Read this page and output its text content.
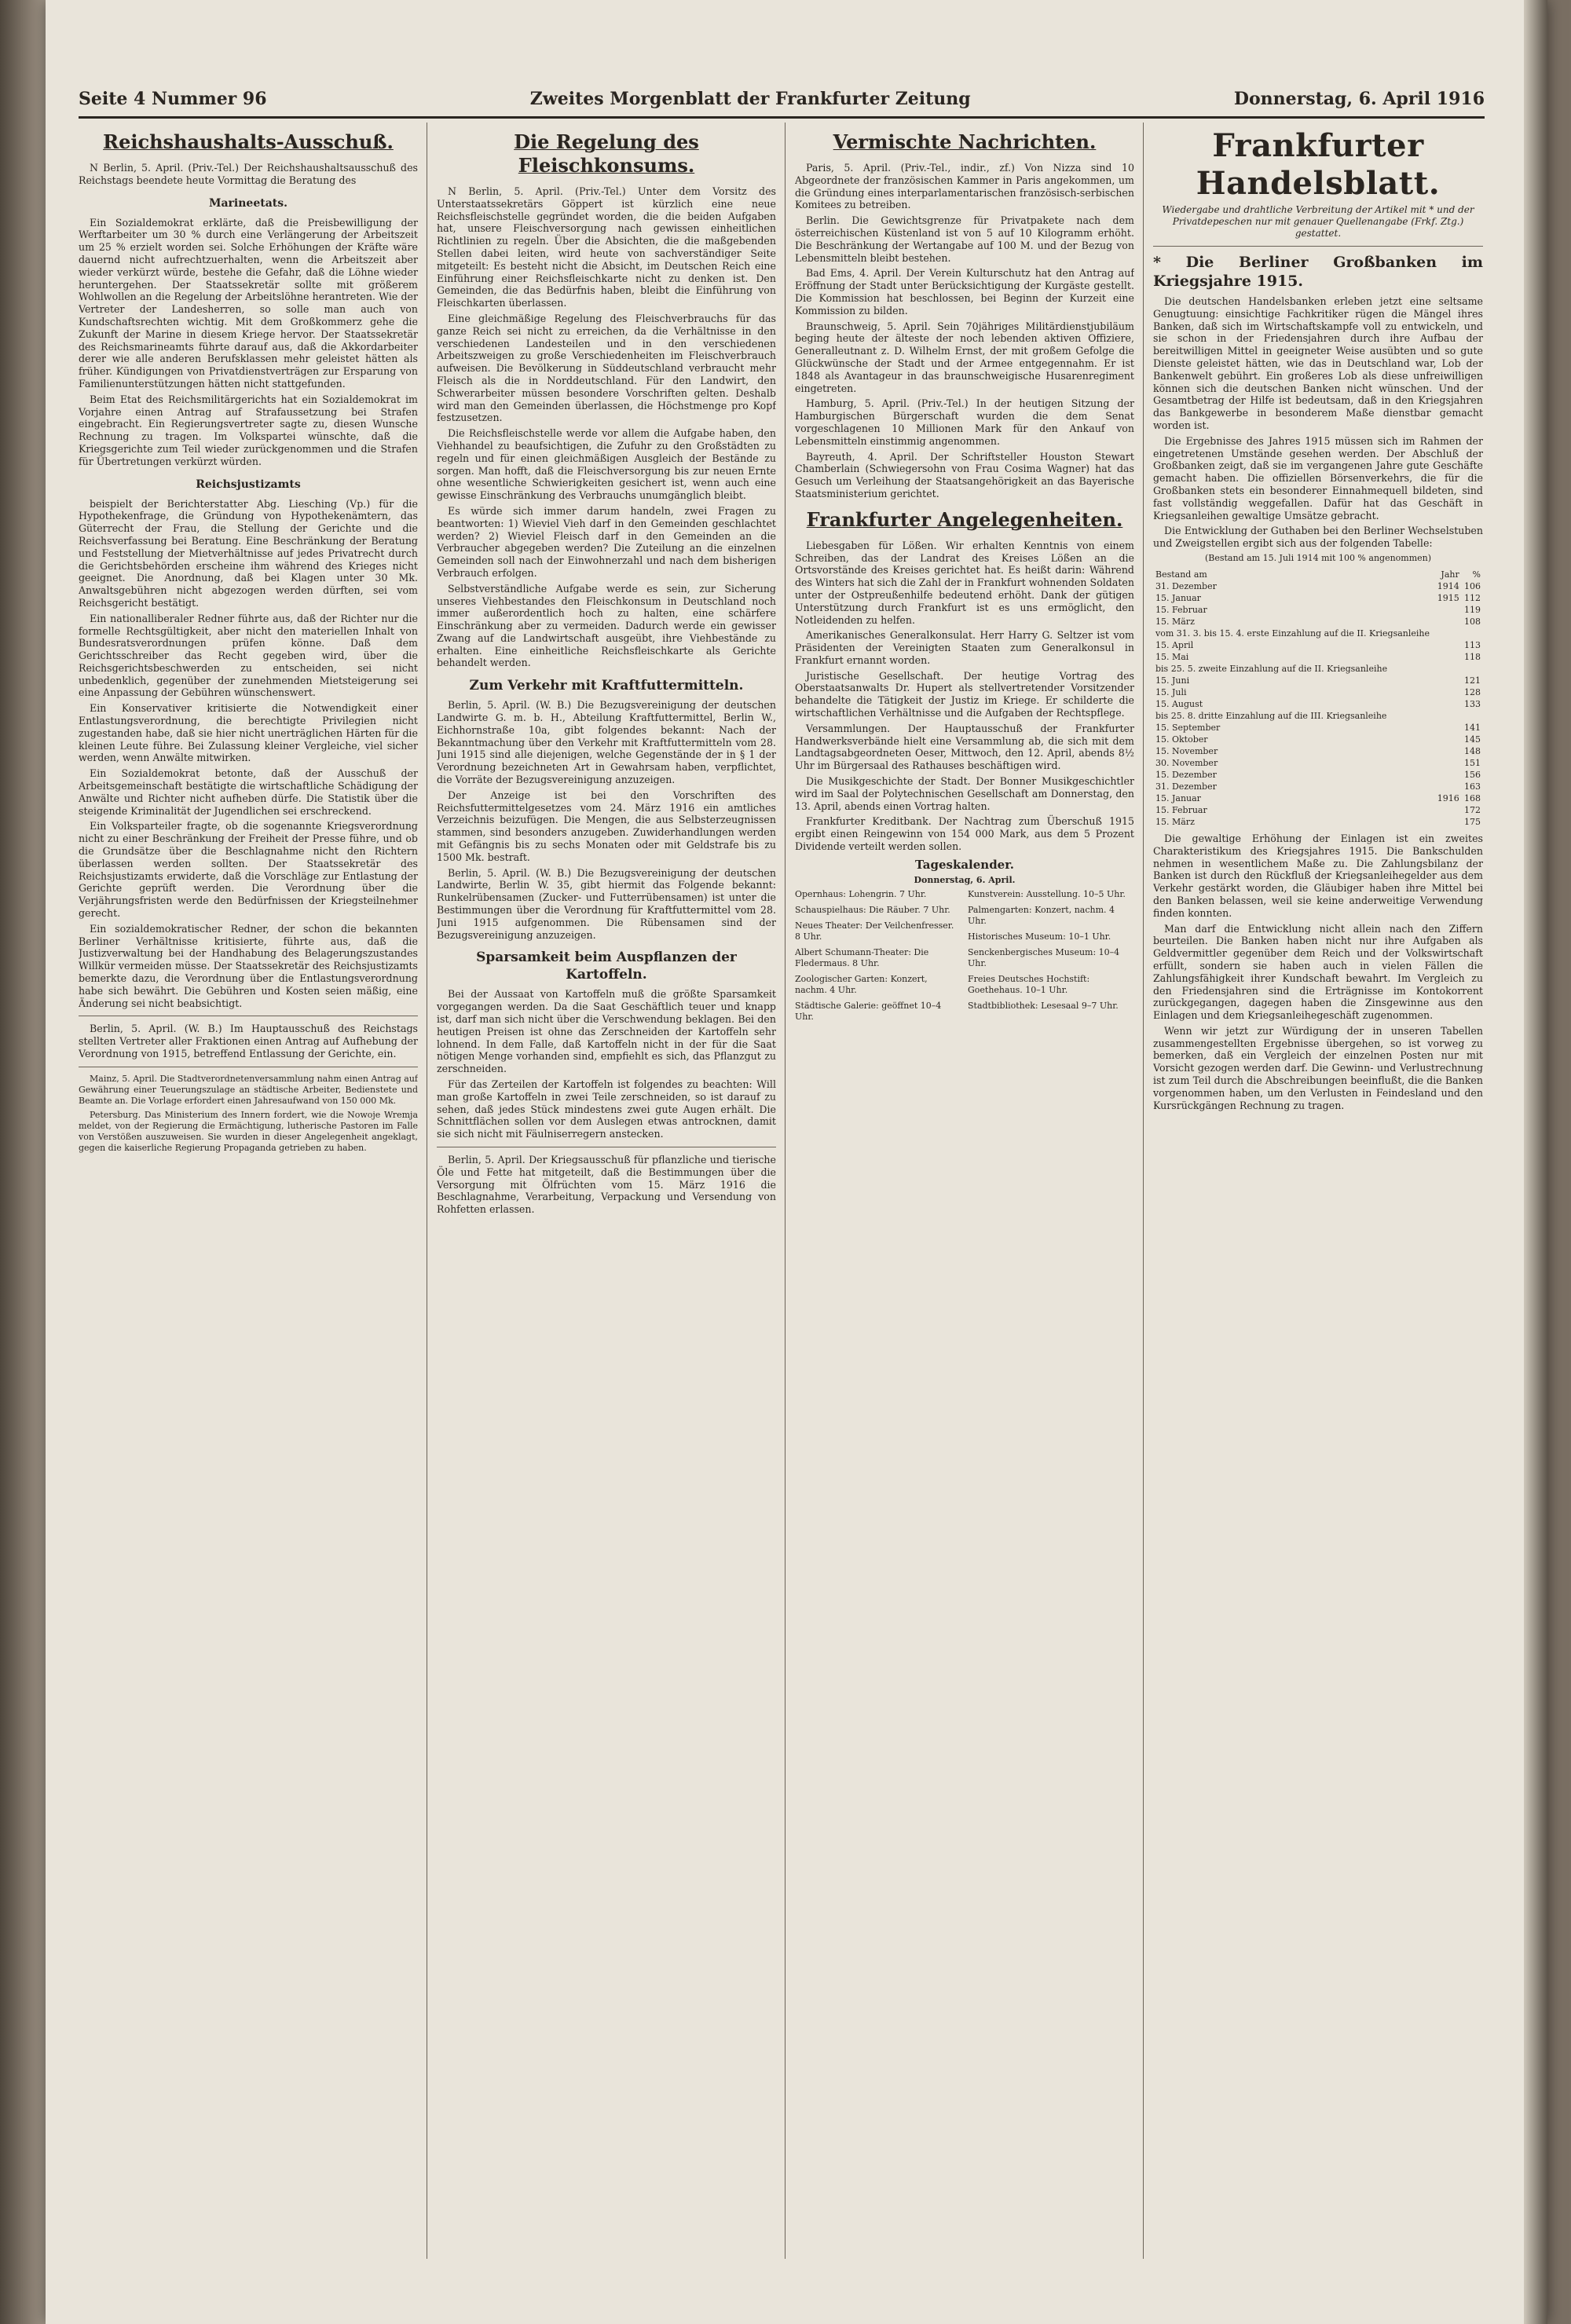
Seite 4 Nummer 96	Zweites Morgenblatt der Frankfurter Zeitung	Donnerstag, 6. April 1916
Reichshaushalts-Ausschuß.

N Berlin, 5. April. (Priv.-Tel.) Der Reichshaushaltsausschuß des Reichstags beendete heute Vormittag die Beratung des

Marineetats.

Ein Sozialdemokrat erklärte, daß die Preisbewilligung der Werftarbeiter um 30 % durch eine Verlängerung der Arbeitszeit um 25 % erzielt worden sei. Solche Erhöhungen der Kräfte wäre dauernd nicht aufrechtzuerhalten, wenn die Arbeitszeit aber wieder verkürzt würde, bestehe die Gefahr, daß die Löhne wieder heruntergehen. Der Staatssekretär sollte mit größerem Wohlwollen an die Regelung der Arbeitslöhne herantreten. Wie der Vertreter der Landesherren, so solle man auch von Kundschaftsrechten wichtig. Mit dem Großkommerz gehe die Zukunft der Marine in diesem Kriege hervor. Der Staatssekretär des Reichsmarineamts führte darauf aus, daß die Akkordarbeiter derer wie alle anderen Berufsklassen mehr geleistet hätten als früher. Kündigungen von Privatdienstverträgen zur Ersparung von Familienunterstützungen hätten nicht stattgefunden.

Beim Etat des Reichsmilitärgerichts hat ein Sozialdemokrat im Vorjahre einen Antrag auf Strafaussetzung bei Strafen eingebracht. Ein Regierungsvertreter sagte zu, diesen Wunsche Rechnung zu tragen. Im Volkspartei wünschte, daß die Kriegsgerichte zum Teil wieder zurückgenommen und die Strafen für Übertretungen verkürzt würden.

Reichsjustizamts

beispielt der Berichterstatter Abg. Liesching (Vp.) für die Hypothekenfrage, die Gründung von Hypothekenämtern, das Güterrecht der Frau, die Stellung der Gerichte und die Reichsverfassung bei Beratung. Eine Beschränkung der Beratung und Feststellung der Mietverhältnisse auf jedes Privatrecht durch die Gerichtsbehörden erscheine ihm während des Krieges nicht geeignet. Die Anordnung, daß bei Klagen unter 30 Mk. Anwaltsgebühren nicht abgezogen werden dürften, sei vom Reichsgericht bestätigt.

Ein nationalliberaler Redner führte aus, daß der Richter nur die formelle Rechtsgültigkeit, aber nicht den materiellen Inhalt von Bundesratsverordnungen prüfen könne. Daß dem Gerichtsschreiber das Recht gegeben wird, über die Reichsgerichtsbeschwerden zu entscheiden, sei nicht unbedenklich, gegenüber der zunehmenden Mietsteigerung sei eine Anpassung der Gebühren wünschenswert.

Ein Konservativer kritisierte die Notwendigkeit einer Entlastungsverordnung, die berechtigte Privilegien nicht zugestanden habe, daß sie hier nicht unerträglichen Härten für die kleinen Leute führe. Bei Zulassung kleiner Vergleiche, viel sicher werden, wenn Anwälte mitwirken.

Ein Sozialdemokrat betonte, daß der Ausschuß der Arbeitsgemeinschaft bestätigte die wirtschaftliche Schädigung der Anwälte und Richter nicht aufheben dürfe. Die Statistik über die steigende Kriminalität der Jugendlichen sei erschreckend.

Ein Volksparteiler fragte, ob die sogenannte Kriegsverordnung nicht zu einer Beschränkung der Freiheit der Presse führe, und ob die Grundsätze über die Beschlagnahme nicht den Richtern überlassen werden sollten. Der Staatssekretär des Reichsjustizamts erwiderte, daß die Vorschläge zur Entlastung der Gerichte geprüft werden. Die Verordnung über die Verjährungsfristen werde den Bedürfnissen der Kriegsteilnehmer gerecht.

Ein sozialdemokratischer Redner, der schon die bekannten Berliner Verhältnisse kritisierte, führte aus, daß die Justizverwaltung bei der Handhabung des Belagerungszustandes Willkür vermeiden müsse. Der Staatssekretär des Reichsjustizamts bemerkte dazu, die Verordnung über die Entlastungsverordnung habe sich bewährt. Die Gebühren und Kosten seien mäßig, eine Änderung sei nicht beabsichtigt.

Berlin, 5. April. (W. B.) Im Hauptausschuß des Reichstags stellten Vertreter aller Fraktionen einen Antrag auf Aufhebung der Verordnung von 1915, betreffend Entlassung der Gerichte, ein.

Mainz, 5. April. Die Stadtverordnetenversammlung nahm einen Antrag auf Gewährung einer Teuerungszulage an städtische Arbeiter, Bedienstete und Beamte an. Die Vorlage erfordert einen Jahresaufwand von 150 000 Mk.

Petersburg. Das Ministerium des Innern fordert, wie die Nowoje Wremja meldet, von der Regierung die Ermächtigung, lutherische Pastoren im Falle von Verstößen auszuweisen. Sie wurden in dieser Angelegenheit angeklagt, gegen die kaiserliche Regierung Propaganda getrieben zu haben.

Die Regelung des Fleischkonsums.

N Berlin, 5. April. (Priv.-Tel.) Unter dem Vorsitz des Unterstaatssekretärs Göppert ist kürzlich eine neue Reichsfleischstelle gegründet worden, die die beiden Aufgaben hat, unsere Fleischversorgung nach gewissen einheitlichen Richtlinien zu regeln. Über die Absichten, die die maßgebenden Stellen dabei leiten, wird heute von sachverständiger Seite mitgeteilt: Es besteht nicht die Absicht, im Deutschen Reich eine Einführung einer Reichsfleischkarte nicht zu denken ist. Den Gemeinden, die das Bedürfnis haben, bleibt die Einführung von Fleischkarten überlassen.

Eine gleichmäßige Regelung des Fleischverbrauchs für das ganze Reich sei nicht zu erreichen, da die Verhältnisse in den verschiedenen Landesteilen und in den verschiedenen Arbeitszweigen zu große Verschiedenheiten im Fleischverbrauch aufweisen. Die Bevölkerung in Süddeutschland verbraucht mehr Fleisch als die in Norddeutschland. Für den Landwirt, den Schwerarbeiter müssen besondere Vorschriften gelten. Deshalb wird man den Gemeinden überlassen, die Höchstmenge pro Kopf festzusetzen.

Die Reichsfleischstelle werde vor allem die Aufgabe haben, den Viehhandel zu beaufsichtigen, die Zufuhr zu den Großstädten zu regeln und für einen gleichmäßigen Ausgleich der Bestände zu sorgen. Man hofft, daß die Fleischversorgung bis zur neuen Ernte ohne wesentliche Schwierigkeiten gesichert ist, wenn auch eine gewisse Einschränkung des Verbrauchs unumgänglich bleibt.

Es würde sich immer darum handeln, zwei Fragen zu beantworten: 1) Wieviel Vieh darf in den Gemeinden geschlachtet werden? 2) Wieviel Fleisch darf in den Gemeinden an die Verbraucher abgegeben werden? Die Zuteilung an die einzelnen Gemeinden soll nach der Einwohnerzahl und nach dem bisherigen Verbrauch erfolgen.

Selbstverständliche Aufgabe werde es sein, zur Sicherung unseres Viehbestandes den Fleischkonsum in Deutschland noch immer außerordentlich hoch zu halten, eine schärfere Einschränkung aber zu vermeiden. Dadurch werde ein gewisser Zwang auf die Landwirtschaft ausgeübt, ihre Viehbestände zu erhalten. Eine einheitliche Reichsfleischkarte als Gerichte behandelt werden.

Zum Verkehr mit Kraftfuttermitteln.

Berlin, 5. April. (W. B.) Die Bezugsvereinigung der deutschen Landwirte G. m. b. H., Abteilung Kraftfuttermittel, Berlin W., Eichhornstraße 10a, gibt folgendes bekannt: Nach der Bekanntmachung über den Verkehr mit Kraftfuttermitteln vom 28. Juni 1915 sind alle diejenigen, welche Gegenstände der in § 1 der Verordnung bezeichneten Art in Gewahrsam haben, verpflichtet, die Vorräte der Bezugsvereinigung anzuzeigen.

Der Anzeige ist bei den Vorschriften des Reichsfuttermittelgesetzes vom 24. März 1916 ein amtliches Verzeichnis beizufügen. Die Mengen, die aus Selbsterzeugnissen stammen, sind besonders anzugeben. Zuwiderhandlungen werden mit Gefängnis bis zu sechs Monaten oder mit Geldstrafe bis zu 1500 Mk. bestraft.

Berlin, 5. April. (W. B.) Die Bezugsvereinigung der deutschen Landwirte, Berlin W. 35, gibt hiermit das Folgende bekannt: Runkelrübensamen (Zucker- und Futterrübensamen) ist unter die Bestimmungen über die Verordnung für Kraftfuttermittel vom 28. Juni 1915 aufgenommen. Die Rübensamen sind der Bezugsvereinigung anzuzeigen.

Sparsamkeit beim Auspflanzen der Kartoffeln.

Bei der Aussaat von Kartoffeln muß die größte Sparsamkeit vorgegangen werden. Da die Saat Geschäftlich teuer und knapp ist, darf man sich nicht über die Verschwendung beklagen. Bei den heutigen Preisen ist ohne das Zerschneiden der Kartoffeln sehr lohnend. In dem Falle, daß Kartoffeln nicht in der für die Saat nötigen Menge vorhanden sind, empfiehlt es sich, das Pflanzgut zu zerschneiden.

Für das Zerteilen der Kartoffeln ist folgendes zu beachten: Will man große Kartoffeln in zwei Teile zerschneiden, so ist darauf zu sehen, daß jedes Stück mindestens zwei gute Augen erhält. Die Schnittflächen sollen vor dem Auslegen etwas antrocknen, damit sie sich nicht mit Fäulniserregern anstecken.

Berlin, 5. April. Der Kriegsausschuß für pflanzliche und tierische Öle und Fette hat mitgeteilt, daß die Bestimmungen über die Versorgung mit Ölfrüchten vom 15. März 1916 die Beschlagnahme, Verarbeitung, Verpackung und Versendung von Rohfetten erlassen.

Vermischte Nachrichten.

Paris, 5. April. (Priv.-Tel., indir., zf.) Von Nizza sind 10 Abgeordnete der französischen Kammer in Paris angekommen, um die Gründung eines interparlamentarischen französisch-serbischen Komitees zu betreiben.

Berlin. Die Gewichtsgrenze für Privatpakete nach dem österreichischen Küstenland ist von 5 auf 10 Kilogramm erhöht. Die Beschränkung der Wertangabe auf 100 M. und der Bezug von Lebensmitteln bleibt bestehen.

Bad Ems, 4. April. Der Verein Kulturschutz hat den Antrag auf Eröffnung der Stadt unter Berücksichtigung der Kurgäste gestellt. Die Kommission hat beschlossen, bei Beginn der Kurzeit eine Kommission zu bilden.

Braunschweig, 5. April. Sein 70jähriges Militärdienstjubiläum beging heute der älteste der noch lebenden aktiven Offiziere, Generalleutnant z. D. Wilhelm Ernst, der mit großem Gefolge die Glückwünsche der Stadt und der Armee entgegennahm. Er ist 1848 als Avantageur in das braunschweigische Husarenregiment eingetreten.

Hamburg, 5. April. (Priv.-Tel.) In der heutigen Sitzung der Hamburgischen Bürgerschaft wurden die dem Senat vorgeschlagenen 10 Millionen Mark für den Ankauf von Lebensmitteln einstimmig angenommen.

Bayreuth, 4. April. Der Schriftsteller Houston Stewart Chamberlain (Schwiegersohn von Frau Cosima Wagner) hat das Gesuch um Verleihung der Staatsangehörigkeit an das Bayerische Staatsministerium gerichtet.

Frankfurter Angelegenheiten.

Liebesgaben für Lößen. Wir erhalten Kenntnis von einem Schreiben, das der Landrat des Kreises Lößen an die Ortsvorstände des Kreises gerichtet hat. Es heißt darin: Während des Winters hat sich die Zahl der in Frankfurt wohnenden Soldaten unter der Ostpreußenhilfe bedeutend erhöht. Dank der gütigen Unterstützung durch Frankfurt ist es uns ermöglicht, den Notleidenden zu helfen.

Amerikanisches Generalkonsulat. Herr Harry G. Seltzer ist vom Präsidenten der Vereinigten Staaten zum Generalkonsul in Frankfurt ernannt worden.

Juristische Gesellschaft. Der heutige Vortrag des Oberstaatsanwalts Dr. Hupert als stellvertretender Vorsitzender behandelte die Tätigkeit der Justiz im Kriege. Er schilderte die wirtschaftlichen Verhältnisse und die Aufgaben der Rechtspflege.

Versammlungen. Der Hauptausschuß der Frankfurter Handwerksverbände hielt eine Versammlung ab, die sich mit dem Landtagsabgeordneten Oeser, Mittwoch, den 12. April, abends 8½ Uhr im Bürgersaal des Rathauses beschäftigen wird.

Die Musikgeschichte der Stadt. Der Bonner Musikgeschichtler wird im Saal der Polytechnischen Gesellschaft am Donnerstag, den 13. April, abends einen Vortrag halten.

Frankfurter Kreditbank. Der Nachtrag zum Überschuß 1915 ergibt einen Reingewinn von 154 000 Mark, aus dem 5 Prozent Dividende verteilt werden sollen.

Tageskalender.
Donnerstag, 6. April.
Opernhaus: Lohengrin. 7 Uhr.
Schauspielhaus: Die Räuber. 7 Uhr.
Neues Theater: Der Veilchenfresser. 8 Uhr.
Albert Schumann-Theater: Die Fledermaus. 8 Uhr.
Zoologischer Garten: Konzert, nachm. 4 Uhr.
Städtische Galerie: geöffnet 10–4 Uhr.
Kunstverein: Ausstellung. 10–5 Uhr.
Palmengarten: Konzert, nachm. 4 Uhr.
Historisches Museum: 10–1 Uhr.
Senckenbergisches Museum: 10–4 Uhr.
Freies Deutsches Hochstift: Goethehaus. 10–1 Uhr.
Stadtbibliothek: Lesesaal 9–7 Uhr.
Frankfurter Handelsblatt.
Wiedergabe und drahtliche Verbreitung der Artikel mit * und der Privatdepeschen nur mit genauer Quellenangabe (Frkf. Ztg.) gestattet.
* Die Berliner Großbanken im Kriegsjahre 1915.

Die deutschen Handelsbanken erleben jetzt eine seltsame Genugtuung: einsichtige Fachkritiker rügen die Mängel ihres Banken, daß sich im Wirtschaftskampfe voll zu entwickeln, und sie schon in der Friedensjahren durch ihre Aufbau der bereitwilligen Mittel in geeigneter Weise ausübten und so gute Dienste geleistet hätten, wie das in Deutschland war, Lob der Bankenwelt gebührt. Ein großeres Lob als diese unfreiwilligen können sich die deutschen Banken nicht wünschen. Und der Gesamtbetrag der Hilfe ist bedeutsam, daß in den Kriegsjahren das Bankgewerbe in besonderem Maße dienstbar gemacht worden ist.

Die Ergebnisse des Jahres 1915 müssen sich im Rahmen der eingetretenen Umstände gesehen werden. Der Abschluß der Großbanken zeigt, daß sie im vergangenen Jahre gute Geschäfte gemacht haben. Die offiziellen Börsenverkehrs, die für die Großbanken stets ein besonderer Einnahmequell bildeten, sind fast vollständig weggefallen. Dafür hat das Geschäft in Kriegsanleihen gewaltige Umsätze gebracht.

Die Entwicklung der Guthaben bei den Berliner Wechselstuben und Zweigstellen ergibt sich aus der folgenden Tabelle:

(Bestand am 15. Juli 1914 mit 100 % angenommen)
Bestand am	Jahr	%
31. Dezember	1914	106
15. Januar	1915	112
15. Februar		119
15. März		108
vom 31. 3. bis 15. 4. erste Einzahlung auf die II. Kriegsanleihe		
15. April		113
15. Mai		118
bis 25. 5. zweite Einzahlung auf die II. Kriegsanleihe		
15. Juni		121
15. Juli		128
15. August		133
bis 25. 8. dritte Einzahlung auf die III. Kriegsanleihe		
15. September		141
15. Oktober		145
15. November		148
30. November		151
15. Dezember		156
31. Dezember		163
15. Januar	1916	168
15. Februar		172
15. März		175

Die gewaltige Erhöhung der Einlagen ist ein zweites Charakteristikum des Kriegsjahres 1915. Die Bankschulden nehmen in wesentlichem Maße zu. Die Zahlungsbilanz der Banken ist durch den Rückfluß der Kriegsanleihegelder aus dem Verkehr gestärkt worden, die Gläubiger haben ihre Mittel bei den Banken belassen, weil sie keine anderweitige Verwendung finden konnten.

Man darf die Entwicklung nicht allein nach den Ziffern beurteilen. Die Banken haben nicht nur ihre Aufgaben als Geldvermittler gegenüber dem Reich und der Volkswirtschaft erfüllt, sondern sie haben auch in vielen Fällen die Zahlungsfähigkeit ihrer Kundschaft bewahrt. Im Vergleich zu den Friedensjahren sind die Erträgnisse im Kontokorrent zurückgegangen, dagegen haben die Zinsgewinne aus den Einlagen und dem Kriegsanleihegeschäft zugenommen.

Wenn wir jetzt zur Würdigung der in unseren Tabellen zusammengestellten Ergebnisse übergehen, so ist vorweg zu bemerken, daß ein Vergleich der einzelnen Posten nur mit Vorsicht gezogen werden darf. Die Gewinn- und Verlustrechnung ist zum Teil durch die Abschreibungen beeinflußt, die die Banken vorgenommen haben, um den Verlusten in Feindesland und den Kursrückgängen Rechnung zu tragen.
